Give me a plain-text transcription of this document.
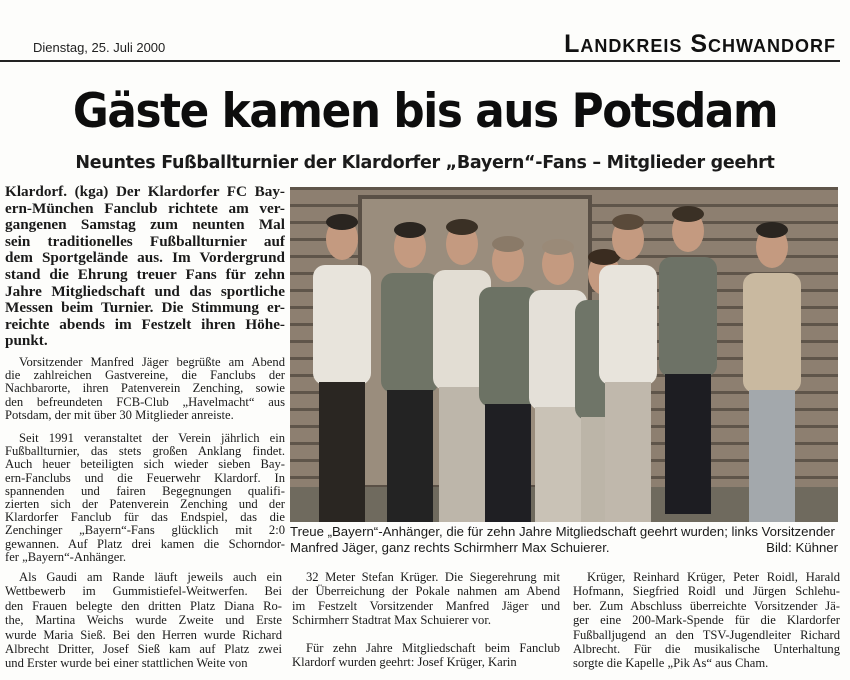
Dienstag, 25. Juli 2000	Landkreis Schwandorf
Gäste kamen bis aus Potsdam
Neuntes Fußballturnier der Klardorfer „Bayern“-Fans – Mitglieder geehrt
Klardorf. (kga) Der Klardorfer FC Bay-
ern-München Fanclub richtete am ver-
gangenen Samstag zum neunten Mal
sein traditionelles Fußballturnier auf
dem Sportgelände aus. Im Vordergrund
stand die Ehrung treuer Fans für zehn
Jahre Mitgliedschaft und das sportliche
Messen beim Turnier. Die Stimmung er-
reichte abends im Festzelt ihren Höhe-
punkt.
Vorsitzender Manfred Jäger begrüßte am Abend
die zahlreichen Gastvereine, die Fanclubs der
Nachbarorte, ihren Patenverein Zenching, sowie
den befreundeten FCB-Club „Havelmacht“ aus
Potsdam, der mit über 30 Mitglieder anreiste.
Seit 1991 veranstaltet der Verein jährlich ein
Fußballturnier, das stets großen Anklang findet.
Auch heuer beteiligten sich wieder sieben Bay-
ern-Fanclubs und die Feuerwehr Klardorf. In
spannenden und fairen Begegnungen qualifi-
zierten sich der Patenverein Zenching und der
Klardorfer Fanclub für das Endspiel, das die
Zenchinger „Bayern“-Fans glücklich mit 2:0
gewannen. Auf Platz drei kamen die Schorndor-
fer „Bayern“-Anhänger.
Treue „Bayern“-Anhänger, die für zehn Jahre Mitgliedschaft geehrt wurden; links Vorsitzender
Manfred Jäger, ganz rechts Schirmherr Max Schuierer.	Bild: Kühner
Als Gaudi am Rande läuft jeweils auch ein
Wettbewerb im Gummistiefel-Weitwerfen. Bei
den Frauen belegte den dritten Platz Diana Ro-
the, Martina Weichs wurde Zweite und Erste
wurde Maria Sieß. Bei den Herren wurde Richard
Albrecht Dritter, Josef Sieß kam auf Platz zwei
und Erster wurde bei einer stattlichen Weite von
32 Meter Stefan Krüger. Die Siegerehrung mit
der Überreichung der Pokale nahmen am Abend
im Festzelt Vorsitzender Manfred Jäger und
Schirmherr Stadtrat Max Schuierer vor.
Für zehn Jahre Mitgliedschaft beim Fanclub
Klardorf wurden geehrt: Josef Krüger, Karin
Krüger, Reinhard Krüger, Peter Roidl, Harald
Hofmann, Siegfried Roidl und Jürgen Schlehu-
ber. Zum Abschluss überreichte Vorsitzender Jä-
ger eine 200-Mark-Spende für die Klardorfer
Fußballjugend an den TSV-Jugendleiter Richard
Albrecht. Für die musikalische Unterhaltung
sorgte die Kapelle „Pik As“ aus Cham.
